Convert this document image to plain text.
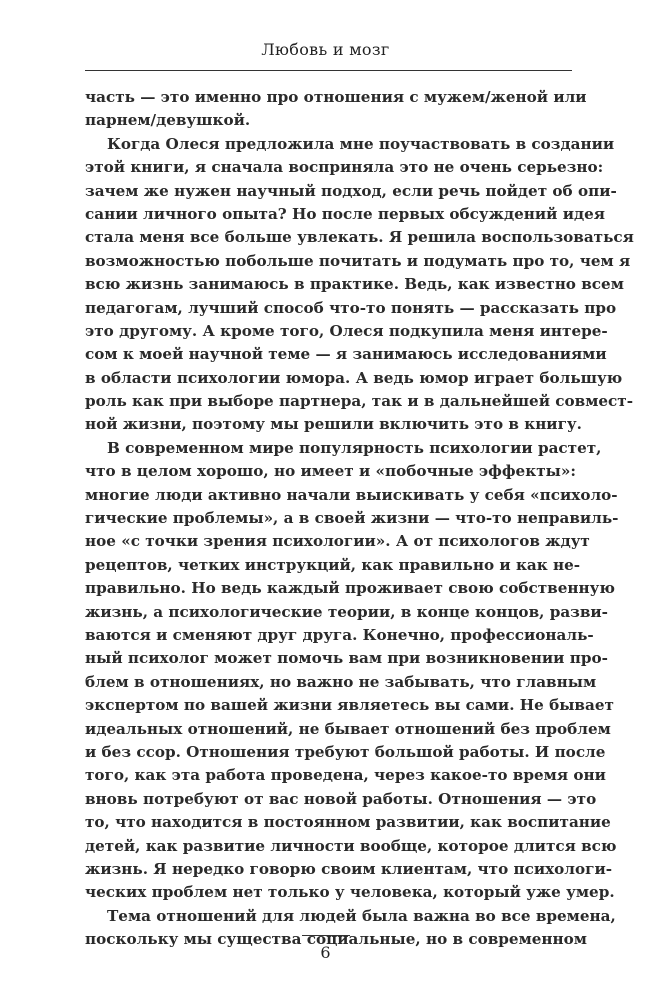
Любовь и мозг
часть — это именно про отношения с мужем/женой или
парнем/девушкой.
Когда Олеся предложила мне поучаствовать в создании
этой книги, я сначала восприняла это не очень серьезно:
зачем же нужен научный подход, если речь пойдет об опи-
сании личного опыта? Но после первых обсуждений идея
стала меня все больше увлекать. Я решила воспользоваться
возможностью побольше почитать и подумать про то, чем я
всю жизнь занимаюсь в практике. Ведь, как известно всем
педагогам, лучший способ что-то понять — рассказать про
это другому. А кроме того, Олеся подкупила меня интере-
сом к моей научной теме — я занимаюсь исследованиями
в области психологии юмора. А ведь юмор играет большую
роль как при выборе партнера, так и в дальнейшей совмест-
ной жизни, поэтому мы решили включить это в книгу.
В современном мире популярность психологии растет,
что в целом хорошо, но имеет и «побочные эффекты»:
многие люди активно начали выискивать у себя «психоло-
гические проблемы», а в своей жизни — что-то неправиль-
ное «с точки зрения психологии». А от психологов ждут
рецептов, четких инструкций, как правильно и как не-
правильно. Но ведь каждый проживает свою собственную
жизнь, а психологические теории, в конце концов, разви-
ваются и сменяют друг друга. Конечно, профессиональ-
ный психолог может помочь вам при возникновении про-
блем в отношениях, но важно не забывать, что главным
экспертом по вашей жизни являетесь вы сами. Не бывает
идеальных отношений, не бывает отношений без проблем
и без ссор. Отношения требуют большой работы. И после
того, как эта работа проведена, через какое-то время они
вновь потребуют от вас новой работы. Отношения — это
то, что находится в постоянном развитии, как воспитание
детей, как развитие личности вообще, которое длится всю
жизнь. Я нередко говорю своим клиентам, что психологи-
ческих проблем нет только у человека, который уже умер.
Тема отношений для людей была важна во все времена,
поскольку мы существа социальные, но в современном
6
